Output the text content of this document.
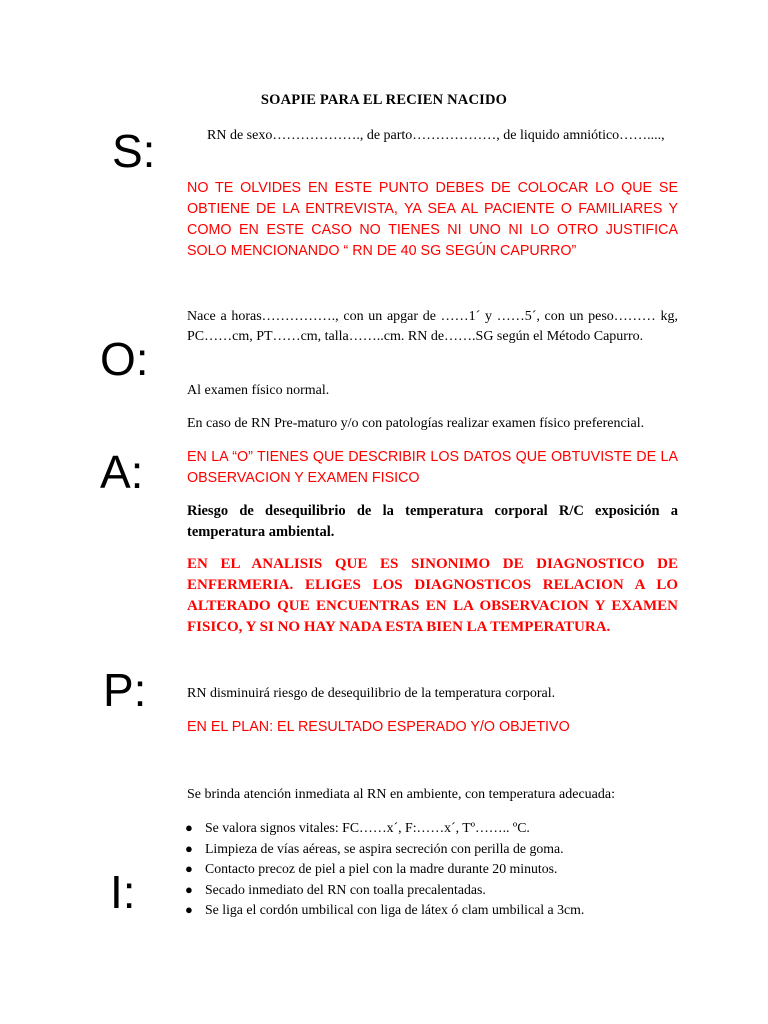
SOAPIE PARA EL RECIEN NACIDO
S:
O:
A:
P:
I:

RN de sexo………………., de parto………………, de liquido amniótico……....,

NO TE OLVIDES EN ESTE PUNTO DEBES DE COLOCAR LO QUE SE OBTIENE DE LA ENTREVISTA, YA SEA AL PACIENTE O FAMILIARES Y COMO EN ESTE CASO NO TIENES NI UNO NI LO OTRO JUSTIFICA SOLO MENCIONANDO “ RN DE 40 SG SEGÚN CAPURRO”

Nace a horas……………., con un apgar de ……1´ y ……5´, con un peso……… kg, PC……cm, PT……cm, talla……..cm. RN de…….SG según el Método Capurro.

Al examen físico normal.

En caso de RN Pre-maturo y/o con patologías realizar examen físico preferencial.

EN LA “O” TIENES QUE DESCRIBIR LOS DATOS QUE OBTUVISTE DE LA OBSERVACION Y EXAMEN FISICO

Riesgo de desequilibrio de la temperatura corporal R/C exposición a temperatura ambiental.

EN EL ANALISIS QUE ES SINONIMO DE DIAGNOSTICO DE ENFERMERIA. ELIGES LOS DIAGNOSTICOS RELACION A LO ALTERADO QUE ENCUENTRAS EN LA OBSERVACION Y EXAMEN FISICO, Y SI NO HAY NADA ESTA BIEN LA TEMPERATURA.

RN disminuirá riesgo de desequilibrio de la temperatura corporal.

EN EL PLAN: EL RESULTADO ESPERADO Y/O OBJETIVO

Se brinda atención inmediata al RN en ambiente, con temperatura adecuada:

● Se valora signos vitales: FC……x´, F:……x´, Tº…….. ºC.
● Limpieza de vías aéreas, se aspira secreción con perilla de goma.
● Contacto precoz de piel a piel con la madre durante 20 minutos.
● Secado inmediato del RN con toalla precalentadas.
● Se liga el cordón umbilical con liga de látex ó clam umbilical a 3cm.
